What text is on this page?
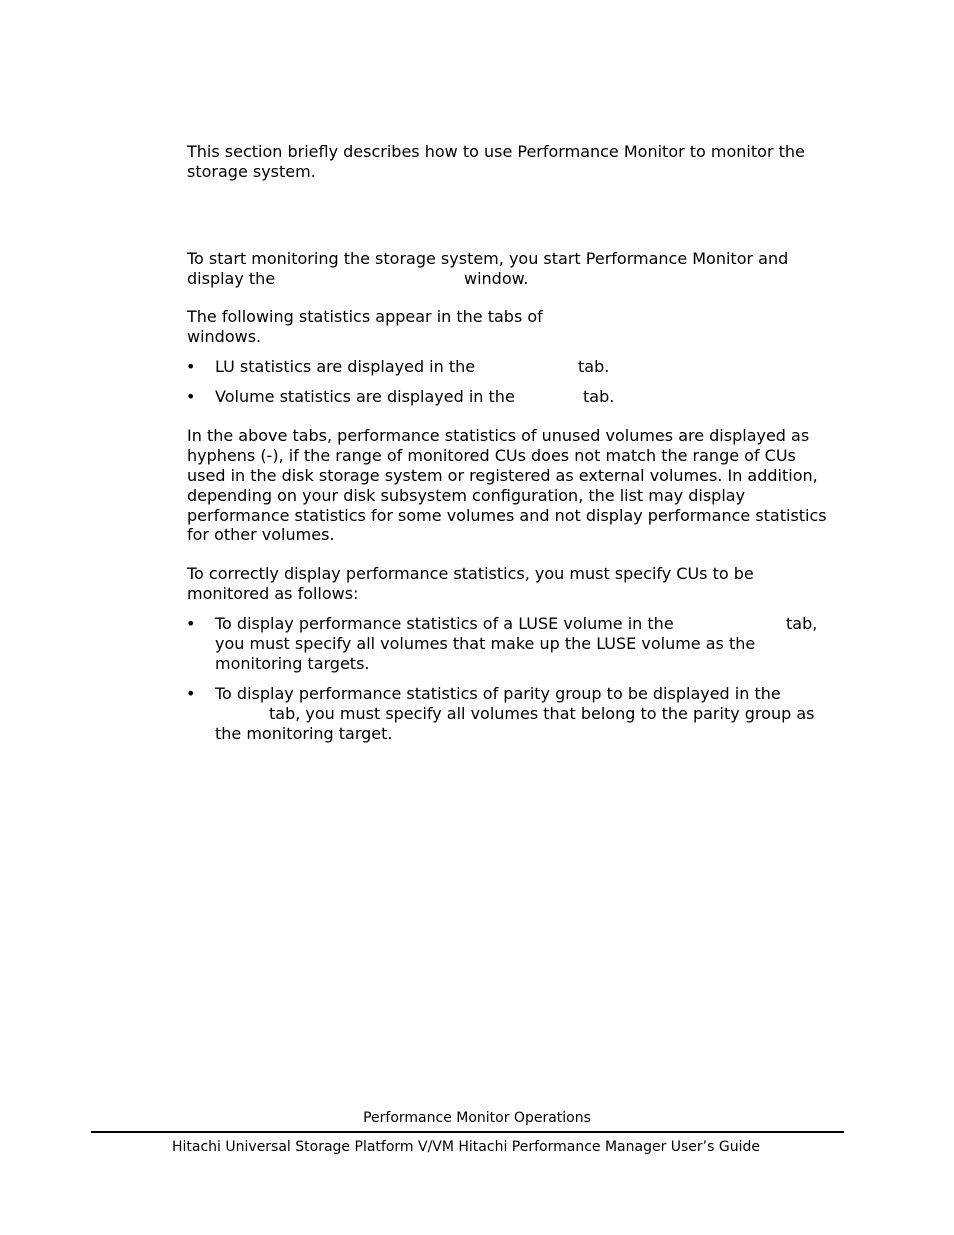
This section briefly describes how to use Performance Monitor to monitor the

storage system.

To start monitoring the storage system, you start Performance Monitor and

display the	window.

The following statistics appear in the tabs of

windows.

• LU statistics are displayed in the	tab.
• Volume statistics are displayed in the	tab.

In the above tabs, performance statistics of unused volumes are displayed as

hyphens (-), if the range of monitored CUs does not match the range of CUs

used in the disk storage system or registered as external volumes. In addition,

depending on your disk subsystem configuration, the list may display

performance statistics for some volumes and not display performance statistics

for other volumes.

To correctly display performance statistics, you must specify CUs to be

monitored as follows:

• To display performance statistics of a LUSE volume in the	tab,
you must specify all volumes that make up the LUSE volume as the
monitoring targets.
• To display performance statistics of parity group to be displayed in the
tab, you must specify all volumes that belong to the parity group as
the monitoring target.
Performance Monitor Operations
Hitachi Universal Storage Platform V/VM Hitachi Performance Manager User’s Guide
